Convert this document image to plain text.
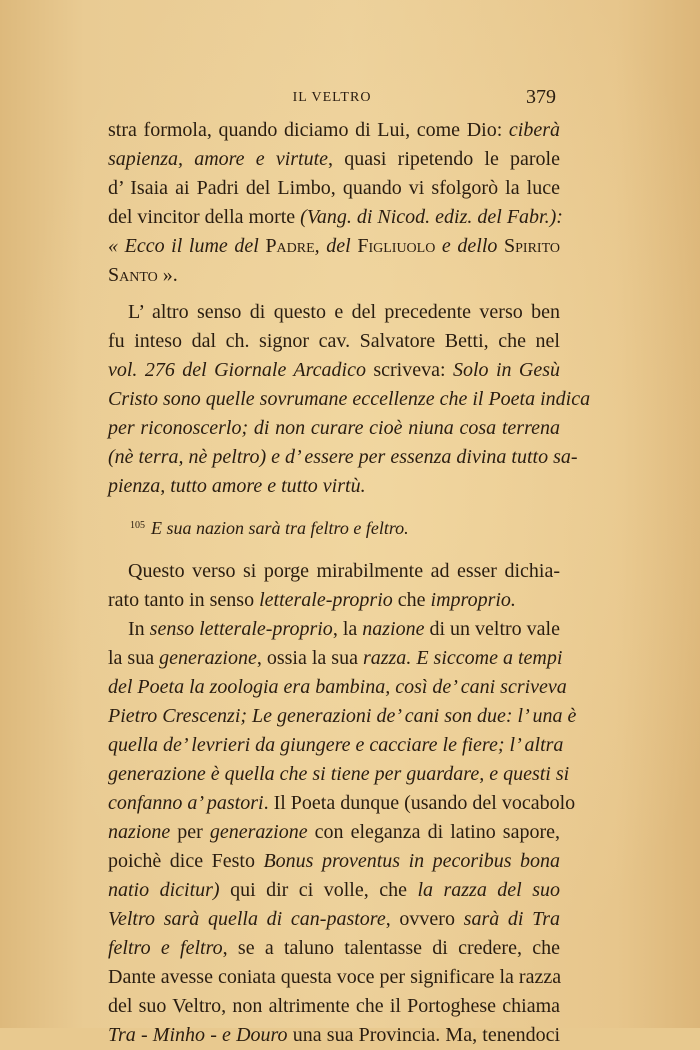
IL VELTRO	379
stra formola, quando diciamo di Lui, come Dio: ciberà
sapienza, amore e virtute, quasi ripetendo le parole
d’ Isaia ai Padri del Limbo, quando vi sfolgorò la luce
del vincitor della morte (Vang. di Nicod. ediz. del Fabr.):
« Ecco il lume del Padre, del Figliuolo e dello Spirito
Santo ».
L’ altro senso di questo e del precedente verso ben
fu inteso dal ch. signor cav. Salvatore Betti, che nel
vol. 276 del Giornale Arcadico scriveva: Solo in Gesù
Cristo sono quelle sovrumane eccellenze che il Poeta indica
per riconoscerlo; di non curare cioè niuna cosa terrena
(nè terra, nè peltro) e d’ essere per essenza divina tutto sa-
pienza, tutto amore e tutto virtù.
$^{105}$ E sua nazion sarà tra feltro e feltro.
Questo verso si porge mirabilmente ad esser dichia-
rato tanto in senso letterale-proprio che improprio.
In senso letterale-proprio, la nazione di un veltro vale
la sua generazione, ossia la sua razza. E siccome a tempi
del Poeta la zoologia era bambina, così de’ cani scriveva
Pietro Crescenzi; Le generazioni de’ cani son due: l’ una è
quella de’ levrieri da giungere e cacciare le fiere; l’ altra
generazione è quella che si tiene per guardare, e questi si
confanno a’ pastori. Il Poeta dunque (usando del vocabolo
nazione per generazione con eleganza di latino sapore,
poichè dice Festo Bonus proventus in pecoribus bona
natio dicitur) qui dir ci volle, che la razza del suo
Veltro sarà quella di can-pastore, ovvero sarà di Tra
feltro e feltro, se a taluno talentasse di credere, che
Dante avesse coniata questa voce per significare la razza
del suo Veltro, non altrimente che il Portoghese chiama
Tra - Minho - e Douro una sua Provincia. Ma, tenendoci
